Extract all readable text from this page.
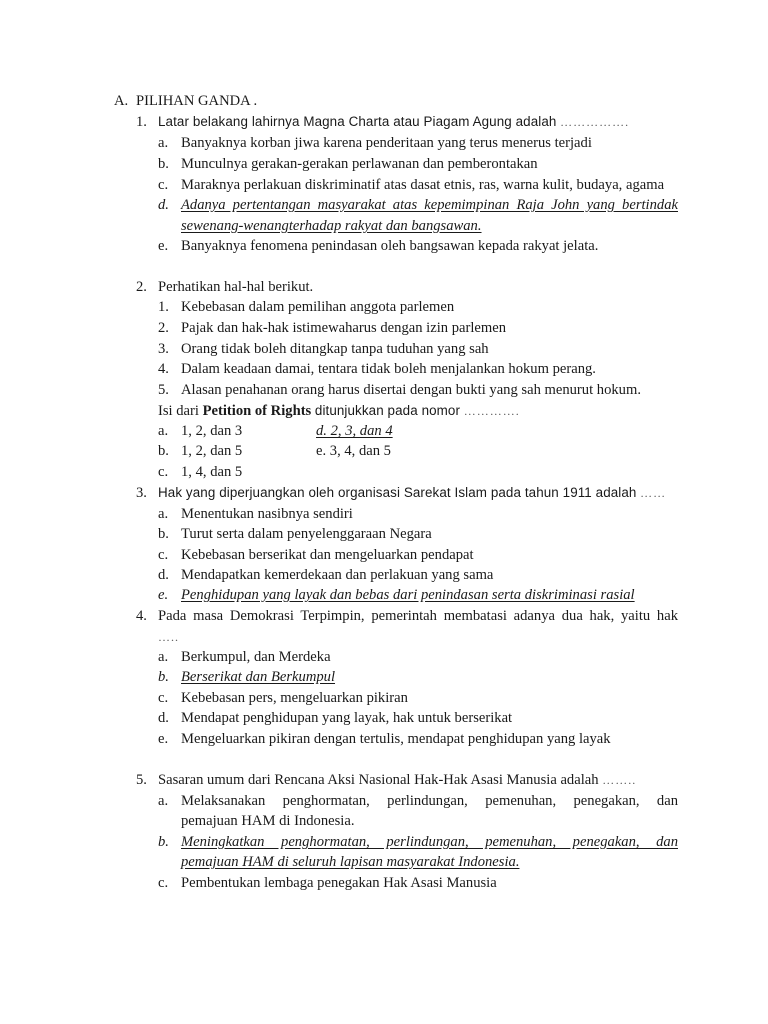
A. PILIHAN GANDA .
1. Latar belakang lahirnya Magna Charta atau Piagam Agung adalah …………….
a. Banyaknya korban jiwa karena penderitaan yang terus menerus terjadi
b. Munculnya gerakan-gerakan perlawanan dan pemberontakan
c. Maraknya perlakuan diskriminatif atas dasat etnis, ras, warna kulit, budaya, agama
d. Adanya pertentangan masyarakat atas kepemimpinan Raja John yang bertindak
sewenang-wenangterhadap rakyat dan bangsawan.
e. Banyaknya fenomena penindasan oleh bangsawan kepada rakyat jelata.
2. Perhatikan hal-hal berikut.
1. Kebebasan dalam pemilihan anggota parlemen
2. Pajak dan hak-hak istimewaharus dengan izin parlemen
3. Orang tidak boleh ditangkap tanpa tuduhan yang sah
4. Dalam keadaan damai, tentara tidak boleh menjalankan hokum perang.
5. Alasan penahanan orang harus disertai dengan bukti yang sah menurut hokum.
Isi dari Petition of Rights ditunjukkan pada nomor ………….
a. 1, 2, dan 3	d. 2, 3, dan 4
b. 1, 2, dan 5	e. 3, 4, dan 5
c. 1, 4, dan 5
3. Hak yang diperjuangkan oleh organisasi Sarekat Islam pada tahun 1911 adalah ……
a. Menentukan nasibnya sendiri
b. Turut serta dalam penyelenggaraan Negara
c. Kebebasan berserikat dan mengeluarkan pendapat
d. Mendapatkan kemerdekaan dan perlakuan yang sama
e. Penghidupan yang layak dan bebas dari penindasan serta diskriminasi rasial
4. Pada masa Demokrasi Terpimpin, pemerintah membatasi adanya dua hak, yaitu hak
…..
a. Berkumpul, dan Merdeka
b. Berserikat dan Berkumpul
c. Kebebasan pers, mengeluarkan pikiran
d. Mendapat penghidupan yang layak, hak untuk berserikat
e. Mengeluarkan pikiran dengan tertulis, mendapat penghidupan yang layak
5. Sasaran umum dari Rencana Aksi Nasional Hak-Hak Asasi Manusia adalah ……..
a. Melaksanakan penghormatan, perlindungan, pemenuhan, penegakan, dan
pemajuan HAM di Indonesia.
b. Meningkatkan penghormatan, perlindungan, pemenuhan, penegakan, dan
pemajuan HAM di seluruh lapisan masyarakat Indonesia.
c. Pembentukan lembaga penegakan Hak Asasi Manusia
